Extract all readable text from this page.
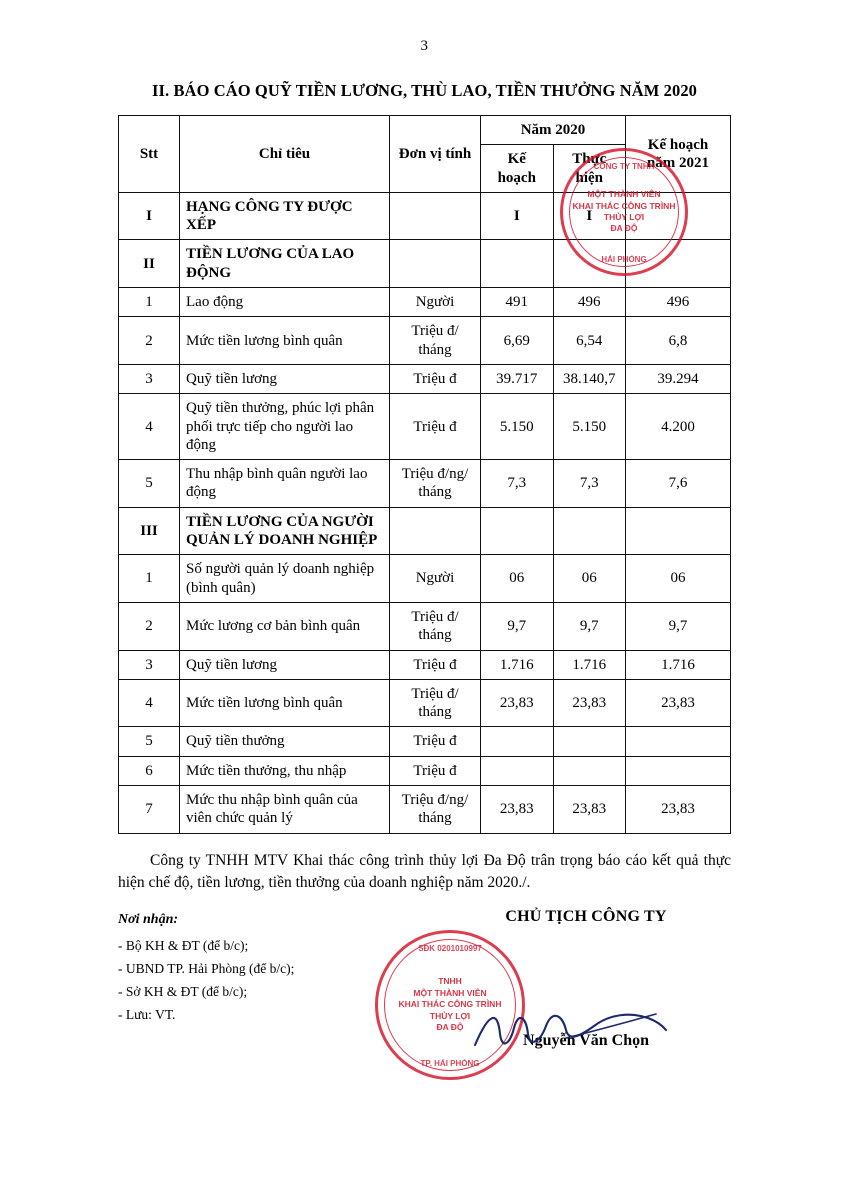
3
II. BÁO CÁO QUỸ TIỀN LƯƠNG, THÙ LAO, TIỀN THƯỞNG NĂM 2020
Stt	Chỉ tiêu	Đơn vị tính	Năm 2020		Kế hoạch năm 2021
			Kế hoạch	Thực hiện	
I	HẠNG CÔNG TY ĐƯỢC XẾP		I	I	
II	TIỀN LƯƠNG CỦA LAO ĐỘNG				
1	Lao động	Người	491	496	496
2	Mức tiền lương bình quân	Triệu đ/ tháng	6,69	6,54	6,8
3	Quỹ tiền lương	Triệu đ	39.717	38.140,7	39.294
4	Quỹ tiền thưởng, phúc lợi phân phối trực tiếp cho người lao động	Triệu đ	5.150	5.150	4.200
5	Thu nhập bình quân người lao động	Triệu đ/ng/ tháng	7,3	7,3	7,6
III	TIỀN LƯƠNG CỦA NGƯỜI QUẢN LÝ DOANH NGHIỆP				
1	Số người quản lý doanh nghiệp (bình quân)	Người	06	06	06
2	Mức lương cơ bản bình quân	Triệu đ/ tháng	9,7	9,7	9,7
3	Quỹ tiền lương	Triệu đ	1.716	1.716	1.716
4	Mức tiền lương bình quân	Triệu đ/ tháng	23,83	23,83	23,83
5	Quỹ tiền thưởng	Triệu đ			
6	Mức tiền thưởng, thu nhập	Triệu đ			
7	Mức thu nhập bình quân của viên chức quản lý	Triệu đ/ng/ tháng	23,83	23,83	23,83
Công ty TNHH MTV Khai thác công trình thủy lợi Đa Độ trân trọng báo cáo kết quả thực hiện chế độ, tiền lương, tiền thưởng của doanh nghiệp năm 2020./.
Nơi nhận:
- Bộ KH & ĐT (để b/c);
- UBND TP. Hải Phòng (để b/c);
- Sở KH & ĐT (để b/c);
- Lưu: VT.
CHỦ TỊCH CÔNG TY
Nguyễn Văn Chọn
CÔNG TY TNHH
MỘT THÀNH VIÊN
KHAI THÁC CÔNG TRÌNH
THỦY LỢI
ĐA ĐỘ
HẢI PHÒNG
SĐK 0201010997
TNHH
MỘT THÀNH VIÊN
KHAI THÁC CÔNG TRÌNH
THỦY LỢI
ĐA ĐỘ
TP. HẢI PHÒNG
